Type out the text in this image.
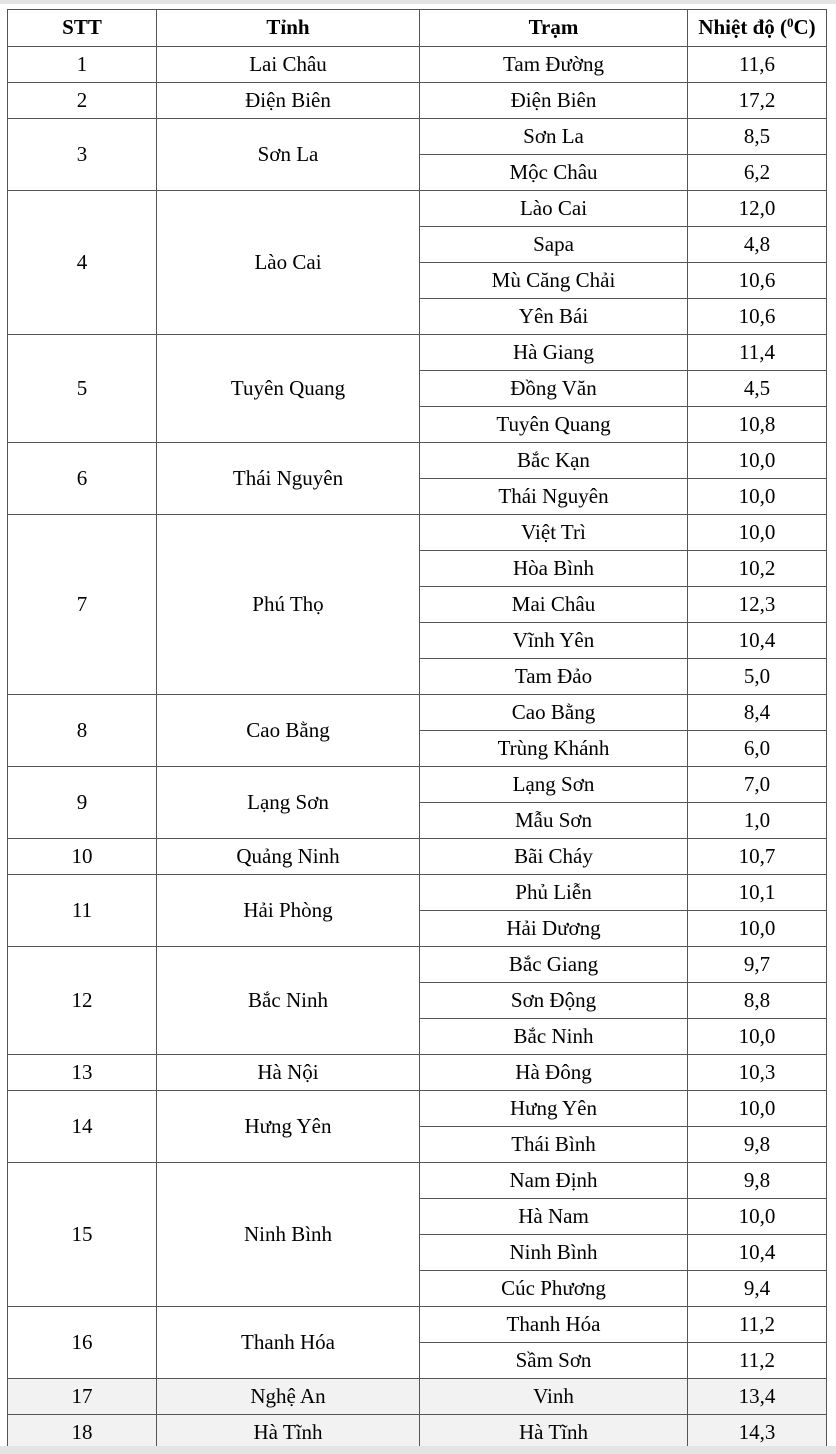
STT	Tỉnh	Trạm	Nhiệt độ ($^0$C)
1	Lai Châu	Tam Đường	11,6
2	Điện Biên	Điện Biên	17,2
3	Sơn La	Sơn La	8,5
		Mộc Châu	6,2
4	Lào Cai	Lào Cai	12,0
		Sapa	4,8
		Mù Căng Chải	10,6
		Yên Bái	10,6
5	Tuyên Quang	Hà Giang	11,4
		Đồng Văn	4,5
		Tuyên Quang	10,8
6	Thái Nguyên	Bắc Kạn	10,0
		Thái Nguyên	10,0
7	Phú Thọ	Việt Trì	10,0
		Hòa Bình	10,2
		Mai Châu	12,3
		Vĩnh Yên	10,4
		Tam Đảo	5,0
8	Cao Bằng	Cao Bằng	8,4
		Trùng Khánh	6,0
9	Lạng Sơn	Lạng Sơn	7,0
		Mẫu Sơn	1,0
10	Quảng Ninh	Bãi Cháy	10,7
11	Hải Phòng	Phủ Liễn	10,1
		Hải Dương	10,0
12	Bắc Ninh	Bắc Giang	9,7
		Sơn Động	8,8
		Bắc Ninh	10,0
13	Hà Nội	Hà Đông	10,3
14	Hưng Yên	Hưng Yên	10,0
		Thái Bình	9,8
15	Ninh Bình	Nam Định	9,8
		Hà Nam	10,0
		Ninh Bình	10,4
		Cúc Phương	9,4
16	Thanh Hóa	Thanh Hóa	11,2
		Sầm Sơn	11,2
17	Nghệ An	Vinh	13,4
18	Hà Tĩnh	Hà Tĩnh	14,3
